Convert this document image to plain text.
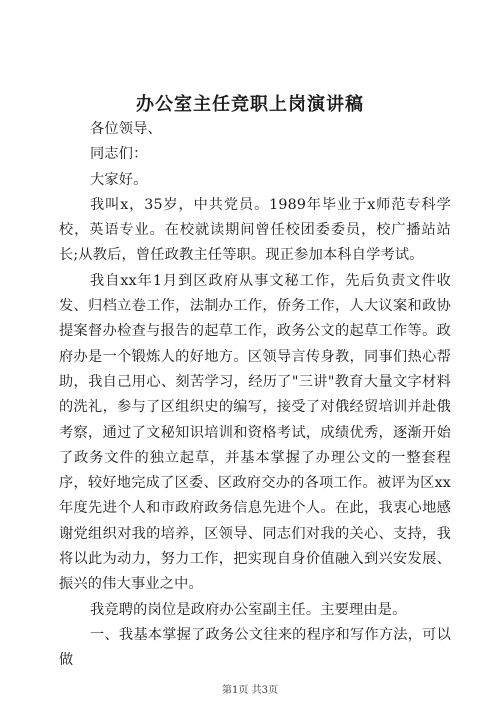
办公室主任竞职上岗演讲稿

各位领导、

同志们：

大家好。

我叫x，35岁，中共党员。1989年毕业于x师范专科学校，英语专业。在校就读期间曾任校团委委员，校广播站站长;从教后，曾任政教主任等职。现正参加本科自学考试。

我自xx年1月到区政府从事文秘工作，先后负责文件收发、归档立卷工作，法制办工作，侨务工作，人大议案和政协提案督办检查与报告的起草工作，政务公文的起草工作等。政府办是一个锻炼人的好地方。区领导言传身教，同事们热心帮助，我自己用心、刻苦学习，经历了"三讲"教育大量文字材料的洗礼，参与了区组织史的编写，接受了对俄经贸培训并赴俄考察，通过了文秘知识培训和资格考试，成绩优秀，逐渐开始了政务文件的独立起草，并基本掌握了办理公文的一整套程序，较好地完成了区委、区政府交办的各项工作。被评为区xx年度先进个人和市政府政务信息先进个人。在此，我衷心地感谢党组织对我的培养，区领导、同志们对我的关心、支持，我将以此为动力，努力工作，把实现自身价值融入到兴安发展、振兴的伟大事业之中。

我竞聘的岗位是政府办公室副主任。主要理由是。

一、我基本掌握了政务公文往来的程序和写作方法，可以做

第1页 共3页
